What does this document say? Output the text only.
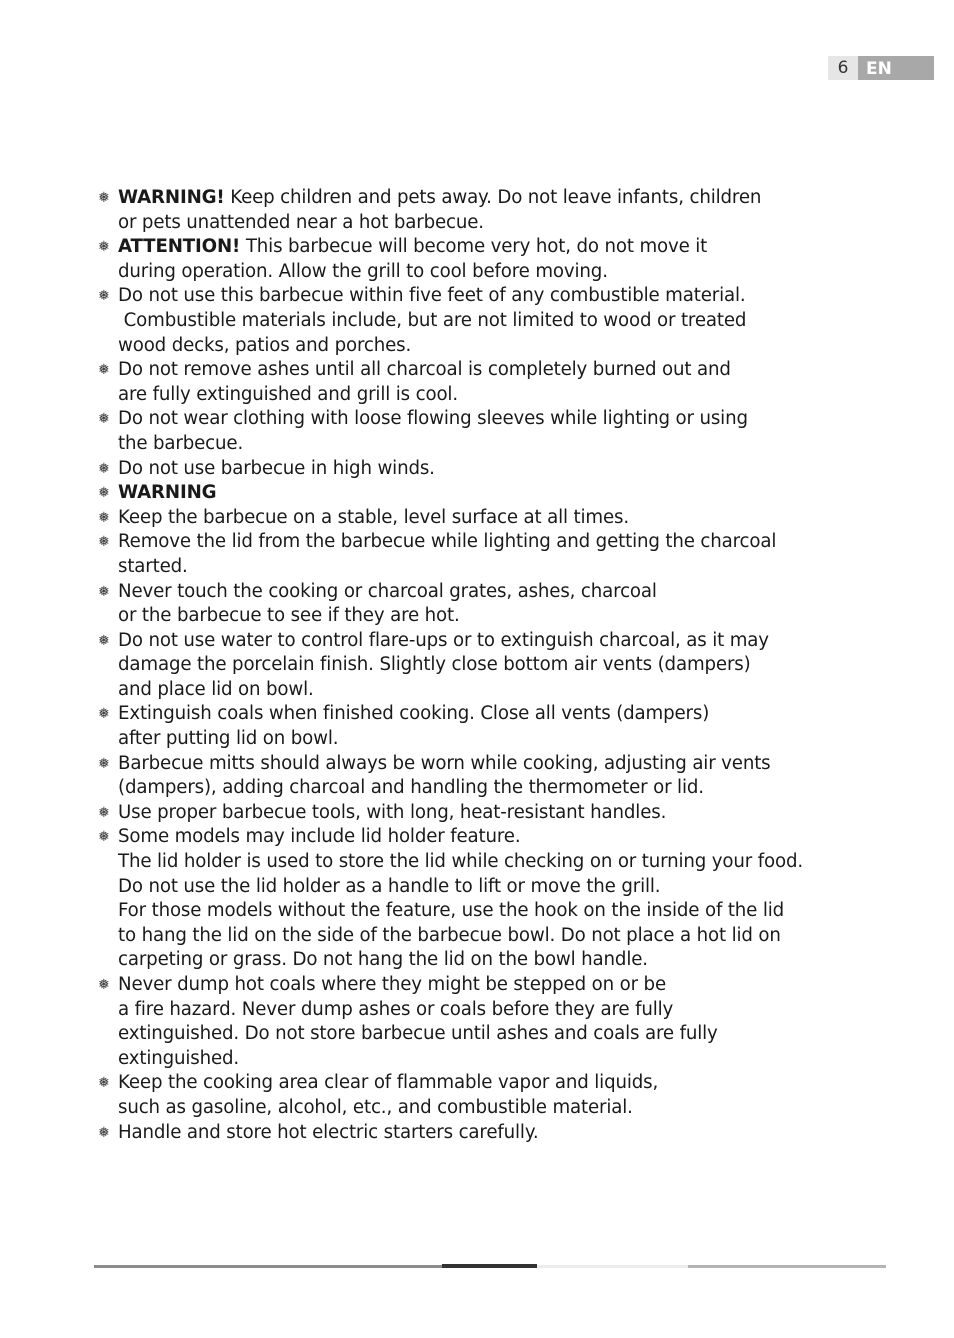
6	EN
❅ WARNING! Keep children and pets away. Do not leave infants, children
or pets unattended near a hot barbecue.
❅ ATTENTION! This barbecue will become very hot, do not move it
during operation. Allow the grill to cool before moving.
❅ Do not use this barbecue within five feet of any combustible material.
Combustible materials include, but are not limited to wood or treated
wood decks, patios and porches.
❅ Do not remove ashes until all charcoal is completely burned out and
are fully extinguished and grill is cool.
❅ Do not wear clothing with loose flowing sleeves while lighting or using
the barbecue.
❅ Do not use barbecue in high winds.
❅ WARNING
❅ Keep the barbecue on a stable, level surface at all times.
❅ Remove the lid from the barbecue while lighting and getting the charcoal
started.
❅ Never touch the cooking or charcoal grates, ashes, charcoal
or the barbecue to see if they are hot.
❅ Do not use water to control flare-ups or to extinguish charcoal, as it may
damage the porcelain finish. Slightly close bottom air vents (dampers)
and place lid on bowl.
❅ Extinguish coals when finished cooking. Close all vents (dampers)
after putting lid on bowl.
❅ Barbecue mitts should always be worn while cooking, adjusting air vents
(dampers), adding charcoal and handling the thermometer or lid.
❅ Use proper barbecue tools, with long, heat-resistant handles.
❅ Some models may include lid holder feature.
The lid holder is used to store the lid while checking on or turning your food.
Do not use the lid holder as a handle to lift or move the grill.
For those models without the feature, use the hook on the inside of the lid
to hang the lid on the side of the barbecue bowl. Do not place a hot lid on
carpeting or grass. Do not hang the lid on the bowl handle.
❅ Never dump hot coals where they might be stepped on or be
a fire hazard. Never dump ashes or coals before they are fully
extinguished. Do not store barbecue until ashes and coals are fully
extinguished.
❅ Keep the cooking area clear of flammable vapor and liquids,
such as gasoline, alcohol, etc., and combustible material.
❅ Handle and store hot electric starters carefully.
